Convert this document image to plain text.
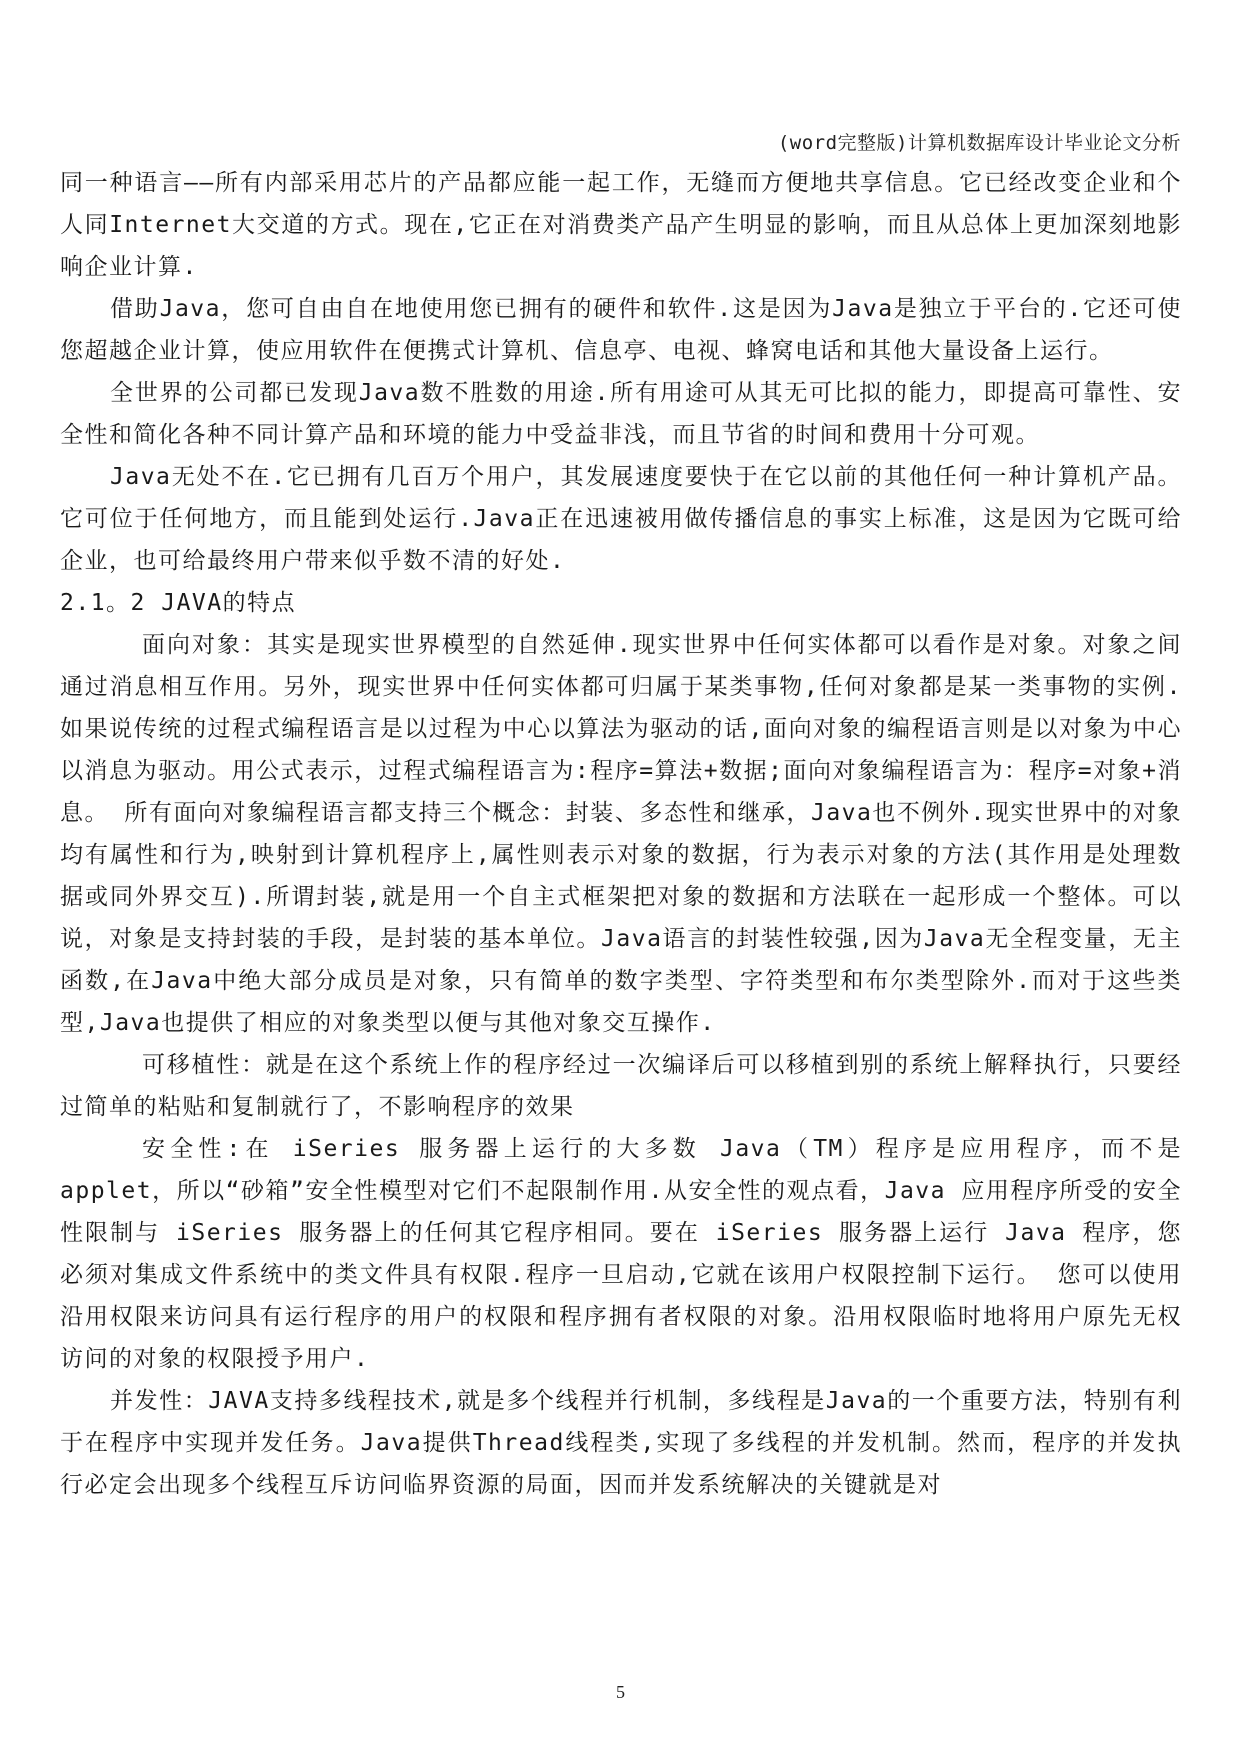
(word完整版)计算机数据库设计毕业论文分析

同一种语言——所有内部采用芯片的产品都应能一起工作，无缝而方便地共享信息。它已经改变企业和个人同Internet大交道的方式。现在,它正在对消费类产品产生明显的影响，而且从总体上更加深刻地影响企业计算.

借助Java，您可自由自在地使用您已拥有的硬件和软件.这是因为Java是独立于平台的.它还可使您超越企业计算，使应用软件在便携式计算机、信息亭、电视、蜂窝电话和其他大量设备上运行。

全世界的公司都已发现Java数不胜数的用途.所有用途可从其无可比拟的能力，即提高可靠性、安全性和简化各种不同计算产品和环境的能力中受益非浅，而且节省的时间和费用十分可观。

Java无处不在.它已拥有几百万个用户，其发展速度要快于在它以前的其他任何一种计算机产品。它可位于任何地方，而且能到处运行.Java正在迅速被用做传播信息的事实上标准，这是因为它既可给企业，也可给最终用户带来似乎数不清的好处.

2.1。2 JAVA的特点

面向对象：其实是现实世界模型的自然延伸.现实世界中任何实体都可以看作是对象。对象之间通过消息相互作用。另外，现实世界中任何实体都可归属于某类事物,任何对象都是某一类事物的实例.如果说传统的过程式编程语言是以过程为中心以算法为驱动的话,面向对象的编程语言则是以对象为中心以消息为驱动。用公式表示，过程式编程语言为:程序=算法+数据;面向对象编程语言为：程序=对象+消息。 所有面向对象编程语言都支持三个概念：封装、多态性和继承，Java也不例外.现实世界中的对象均有属性和行为,映射到计算机程序上,属性则表示对象的数据，行为表示对象的方法(其作用是处理数据或同外界交互).所谓封装,就是用一个自主式框架把对象的数据和方法联在一起形成一个整体。可以说，对象是支持封装的手段，是封装的基本单位。Java语言的封装性较强,因为Java无全程变量，无主函数,在Java中绝大部分成员是对象，只有简单的数字类型、字符类型和布尔类型除外.而对于这些类型,Java也提供了相应的对象类型以便与其他对象交互操作.

可移植性：就是在这个系统上作的程序经过一次编译后可以移植到别的系统上解释执行，只要经过简单的粘贴和复制就行了，不影响程序的效果

安全性:在 iSeries 服务器上运行的大多数 Java（TM）程序是应用程序，而不是 applet，所以“砂箱”安全性模型对它们不起限制作用.从安全性的观点看，Java 应用程序所受的安全性限制与 iSeries 服务器上的任何其它程序相同。要在 iSeries 服务器上运行 Java 程序，您必须对集成文件系统中的类文件具有权限.程序一旦启动,它就在该用户权限控制下运行。 您可以使用沿用权限来访问具有运行程序的用户的权限和程序拥有者权限的对象。沿用权限临时地将用户原先无权访问的对象的权限授予用户.

并发性：JAVA支持多线程技术,就是多个线程并行机制，多线程是Java的一个重要方法，特别有利于在程序中实现并发任务。Java提供Thread线程类,实现了多线程的并发机制。然而，程序的并发执行必定会出现多个线程互斥访问临界资源的局面，因而并发系统解决的关键就是对

5
